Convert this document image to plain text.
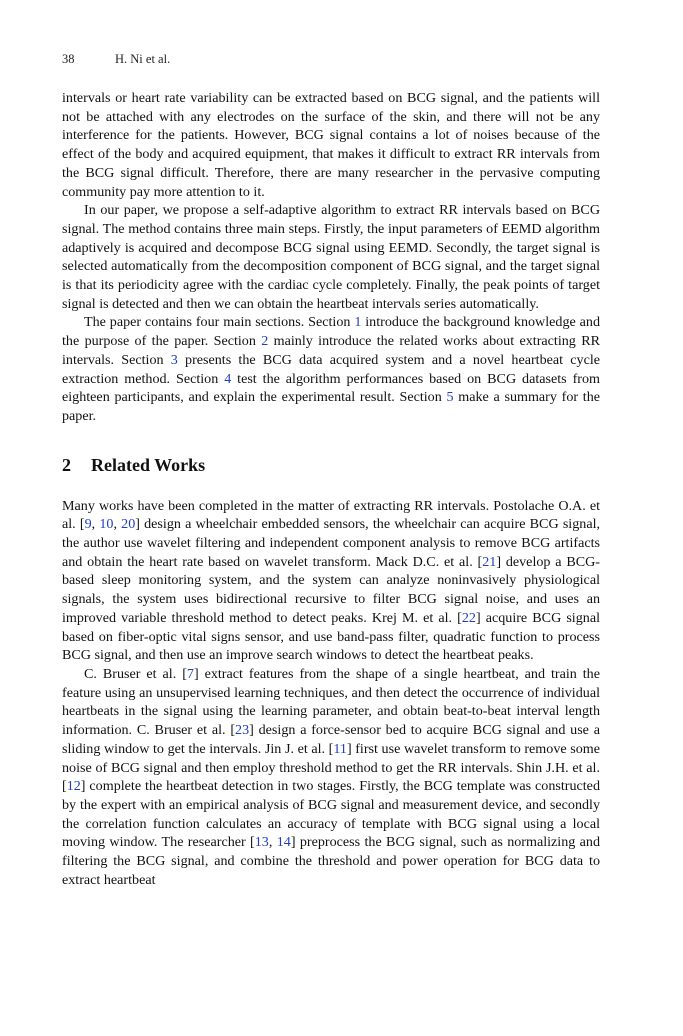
38	H. Ni et al.

intervals or heart rate variability can be extracted based on BCG signal, and the patients will not be attached with any electrodes on the surface of the skin, and there will not be any interference for the patients. However, BCG signal contains a lot of noises because of the effect of the body and acquired equipment, that makes it difficult to extract RR intervals from the BCG signal difficult. Therefore, there are many researcher in the pervasive computing community pay more attention to it.

In our paper, we propose a self-adaptive algorithm to extract RR intervals based on BCG signal. The method contains three main steps. Firstly, the input parameters of EEMD algorithm adaptively is acquired and decompose BCG signal using EEMD. Secondly, the target signal is selected automatically from the decomposition component of BCG signal, and the target signal is that its periodicity agree with the cardiac cycle completely. Finally, the peak points of target signal is detected and then we can obtain the heartbeat intervals series automatically.

The paper contains four main sections. Section 1 introduce the background knowledge and the purpose of the paper. Section 2 mainly introduce the related works about extracting RR intervals. Section 3 presents the BCG data acquired system and a novel heartbeat cycle extraction method. Section 4 test the algorithm performances based on BCG datasets from eighteen participants, and explain the experimental result. Section 5 make a summary for the paper.

2 Related Works

Many works have been completed in the matter of extracting RR intervals. Postolache O.A. et al. [9, 10, 20] design a wheelchair embedded sensors, the wheelchair can acquire BCG signal, the author use wavelet filtering and independent component analysis to remove BCG artifacts and obtain the heart rate based on wavelet transform. Mack D.C. et al. [21] develop a BCG-based sleep monitoring system, and the system can analyze noninvasively physiological signals, the system uses bidirectional recursive to filter BCG signal noise, and uses an improved variable threshold method to detect peaks. Krej M. et al. [22] acquire BCG signal based on fiber-optic vital signs sensor, and use band-pass filter, quadratic function to process BCG signal, and then use an improve search windows to detect the heartbeat peaks.

C. Bruser et al. [7] extract features from the shape of a single heartbeat, and train the feature using an unsupervised learning techniques, and then detect the occurrence of individual heartbeats in the signal using the learning parameter, and obtain beat-to-beat interval length information. C. Bruser et al. [23] design a force-sensor bed to acquire BCG signal and use a sliding window to get the intervals. Jin J. et al. [11] first use wavelet transform to remove some noise of BCG signal and then employ threshold method to get the RR intervals. Shin J.H. et al. [12] complete the heartbeat detection in two stages. Firstly, the BCG template was constructed by the expert with an empirical analysis of BCG signal and measurement device, and secondly the correlation function calculates an accuracy of template with BCG signal using a local moving window. The researcher [13, 14] preprocess the BCG signal, such as normalizing and filtering the BCG signal, and combine the threshold and power operation for BCG data to extract heartbeat
